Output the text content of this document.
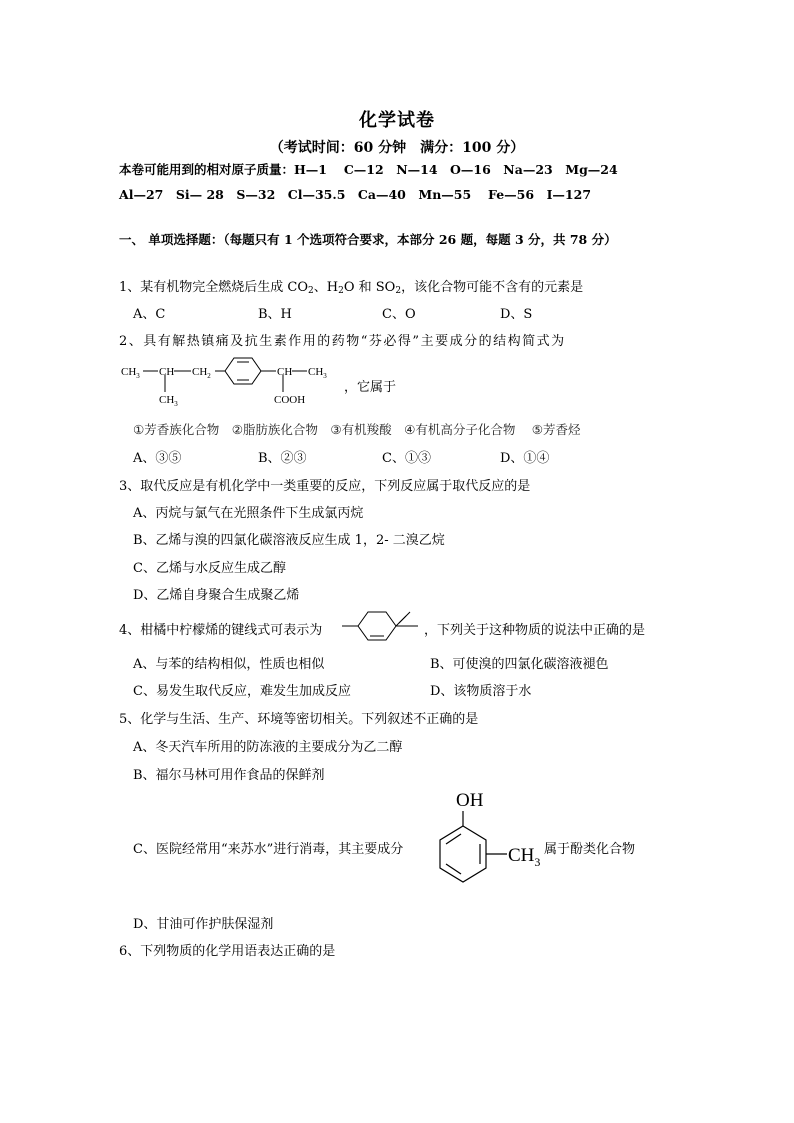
化学试卷
（考试时间：60 分钟　满分：100 分）
本卷可能用到的相对原子质量：H—1　 C—12　N—14　O—16　Na—23　Mg—24
Al—27　Si— 28　S—32　Cl—35.5　Ca—40　Mn—55　 Fe—56　I—127
一、 单项选择题：（每题只有 1 个选项符合要求，本部分 26 题，每题 3 分，共 78 分）
1、某有机物完全燃烧后生成 $CO_2$、$H_2O$ 和 $SO_2$，该化合物可能不含有的元素是
A、C	B、H	C、O	D、S
2、具有解热镇痛及抗生素作用的药物“芬必得”主要成分的结构简式为
$CH_3$ CH $CH_2$	CH $CH_3$
$CH_3$	COOH
，它属于
①芳香族化合物　②脂肪族化合物　③有机羧酸　④有机高分子化合物　 ⑤芳香烃
A、③⑤	B、②③	C、①③	D、①④
3、取代反应是有机化学中一类重要的反应，下列反应属于取代反应的是
A、丙烷与氯气在光照条件下生成氯丙烷
B、乙烯与溴的四氯化碳溶液反应生成 1，2- 二溴乙烷
C、乙烯与水反应生成乙醇
D、乙烯自身聚合生成聚乙烯
4、柑橘中柠檬烯的键线式可表示为	，下列关于这种物质的说法中正确的是
A、与苯的结构相似，性质也相似	B、可使溴的四氯化碳溶液褪色
C、易发生取代反应，难发生加成反应	D、该物质溶于水
5、化学与生活、生产、环境等密切相关。下列叙述不正确的是
A、冬天汽车所用的防冻液的主要成分为乙二醇
B、福尔马林可用作食品的保鲜剂
OH
$CH_3$
C、医院经常用“来苏水”进行消毒，其主要成分	属于酚类化合物
D、甘油可作护肤保湿剂
6、下列物质的化学用语表达正确的是
